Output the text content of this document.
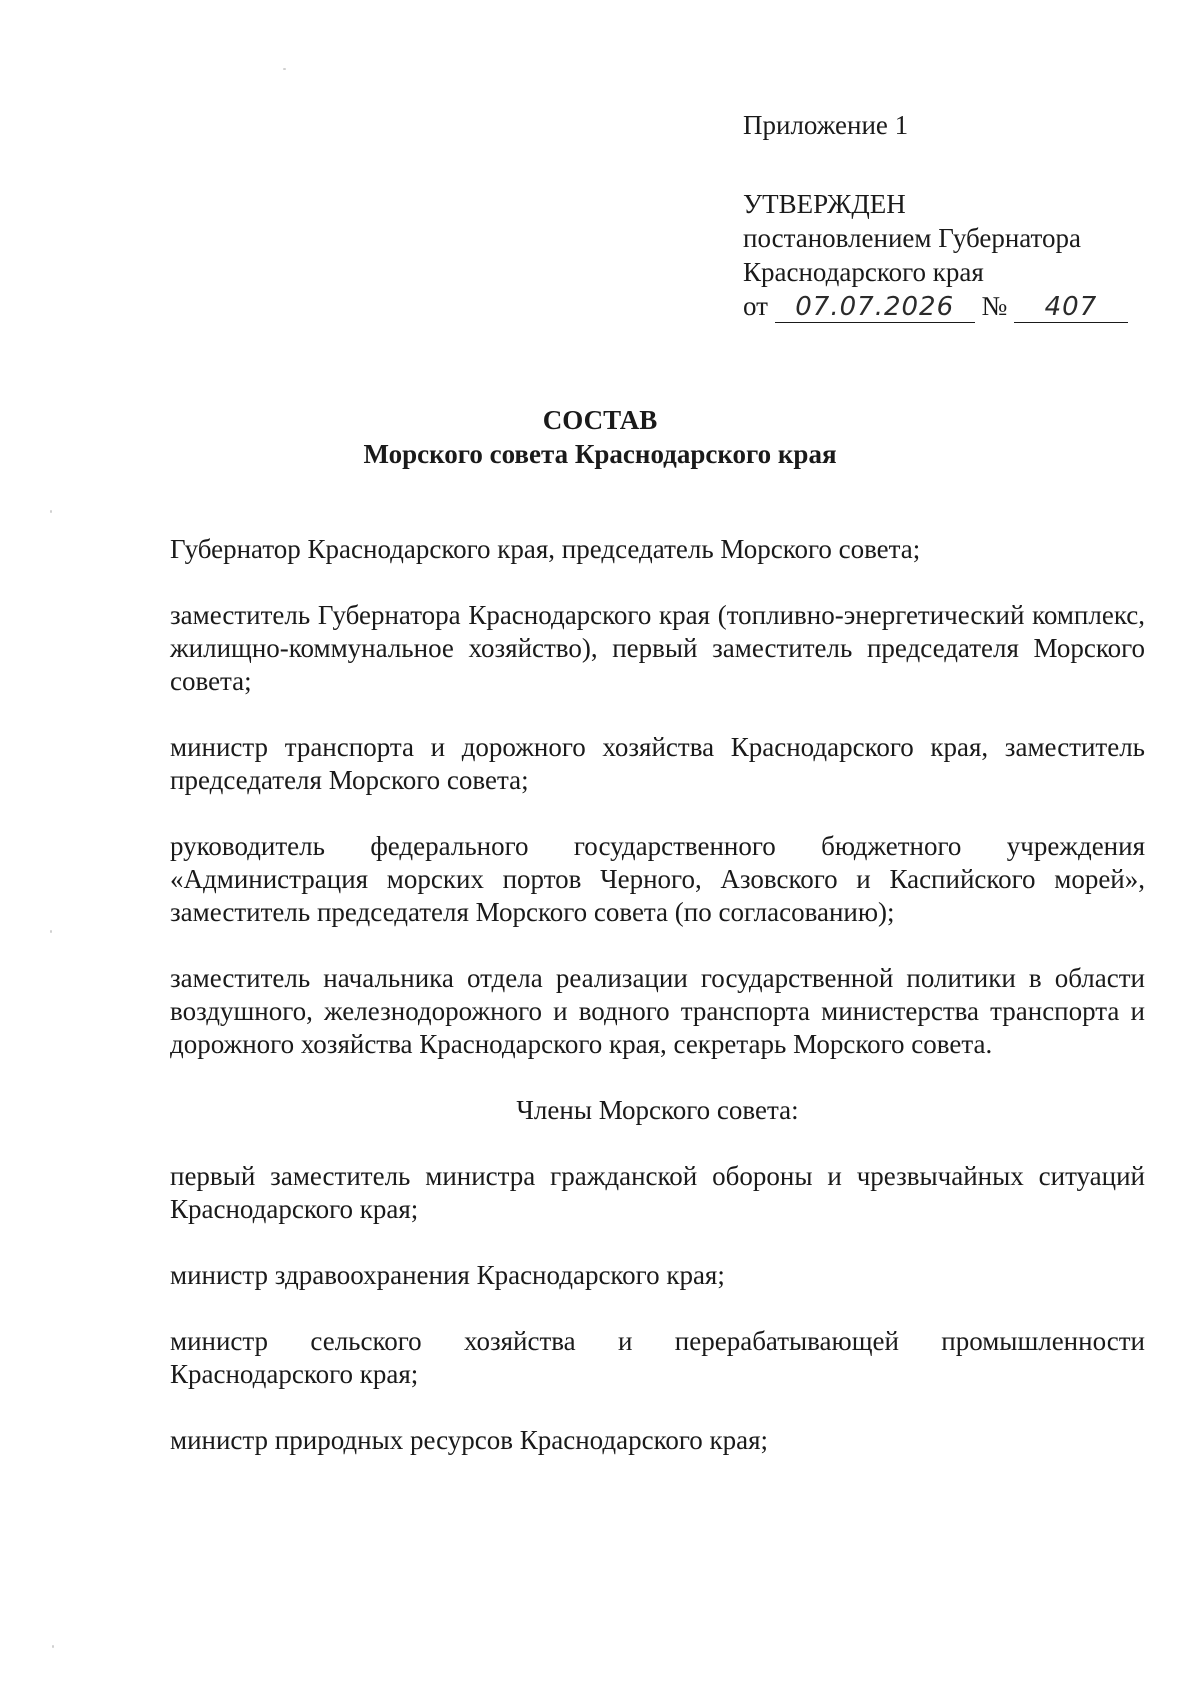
Приложение 1
УТВЕРЖДЕН
постановлением Губернатора
Краснодарского края
от 07.07.2026 № 407
СОСТАВ
Морского совета Краснодарского края

Губернатор Краснодарского края, председатель Морского совета;

заместитель Губернатора Краснодарского края (топливно-энергетический комплекс, жилищно-коммунальное хозяйство), первый заместитель председателя Морского совета;

министр транспорта и дорожного хозяйства Краснодарского края, заместитель председателя Морского совета;

руководитель федерального государственного бюджетного учреждения «Администрация морских портов Черного, Азовского и Каспийского морей», заместитель председателя Морского совета (по согласованию);

заместитель начальника отдела реализации государственной политики в области воздушного, железнодорожного и водного транспорта министерства транспорта и дорожного хозяйства Краснодарского края, секретарь Морского совета.

Члены Морского совета:

первый заместитель министра гражданской обороны и чрезвычайных ситуаций Краснодарского края;

министр здравоохранения Краснодарского края;

министр сельского хозяйства и перерабатывающей промышленности Краснодарского края;

министр природных ресурсов Краснодарского края;
